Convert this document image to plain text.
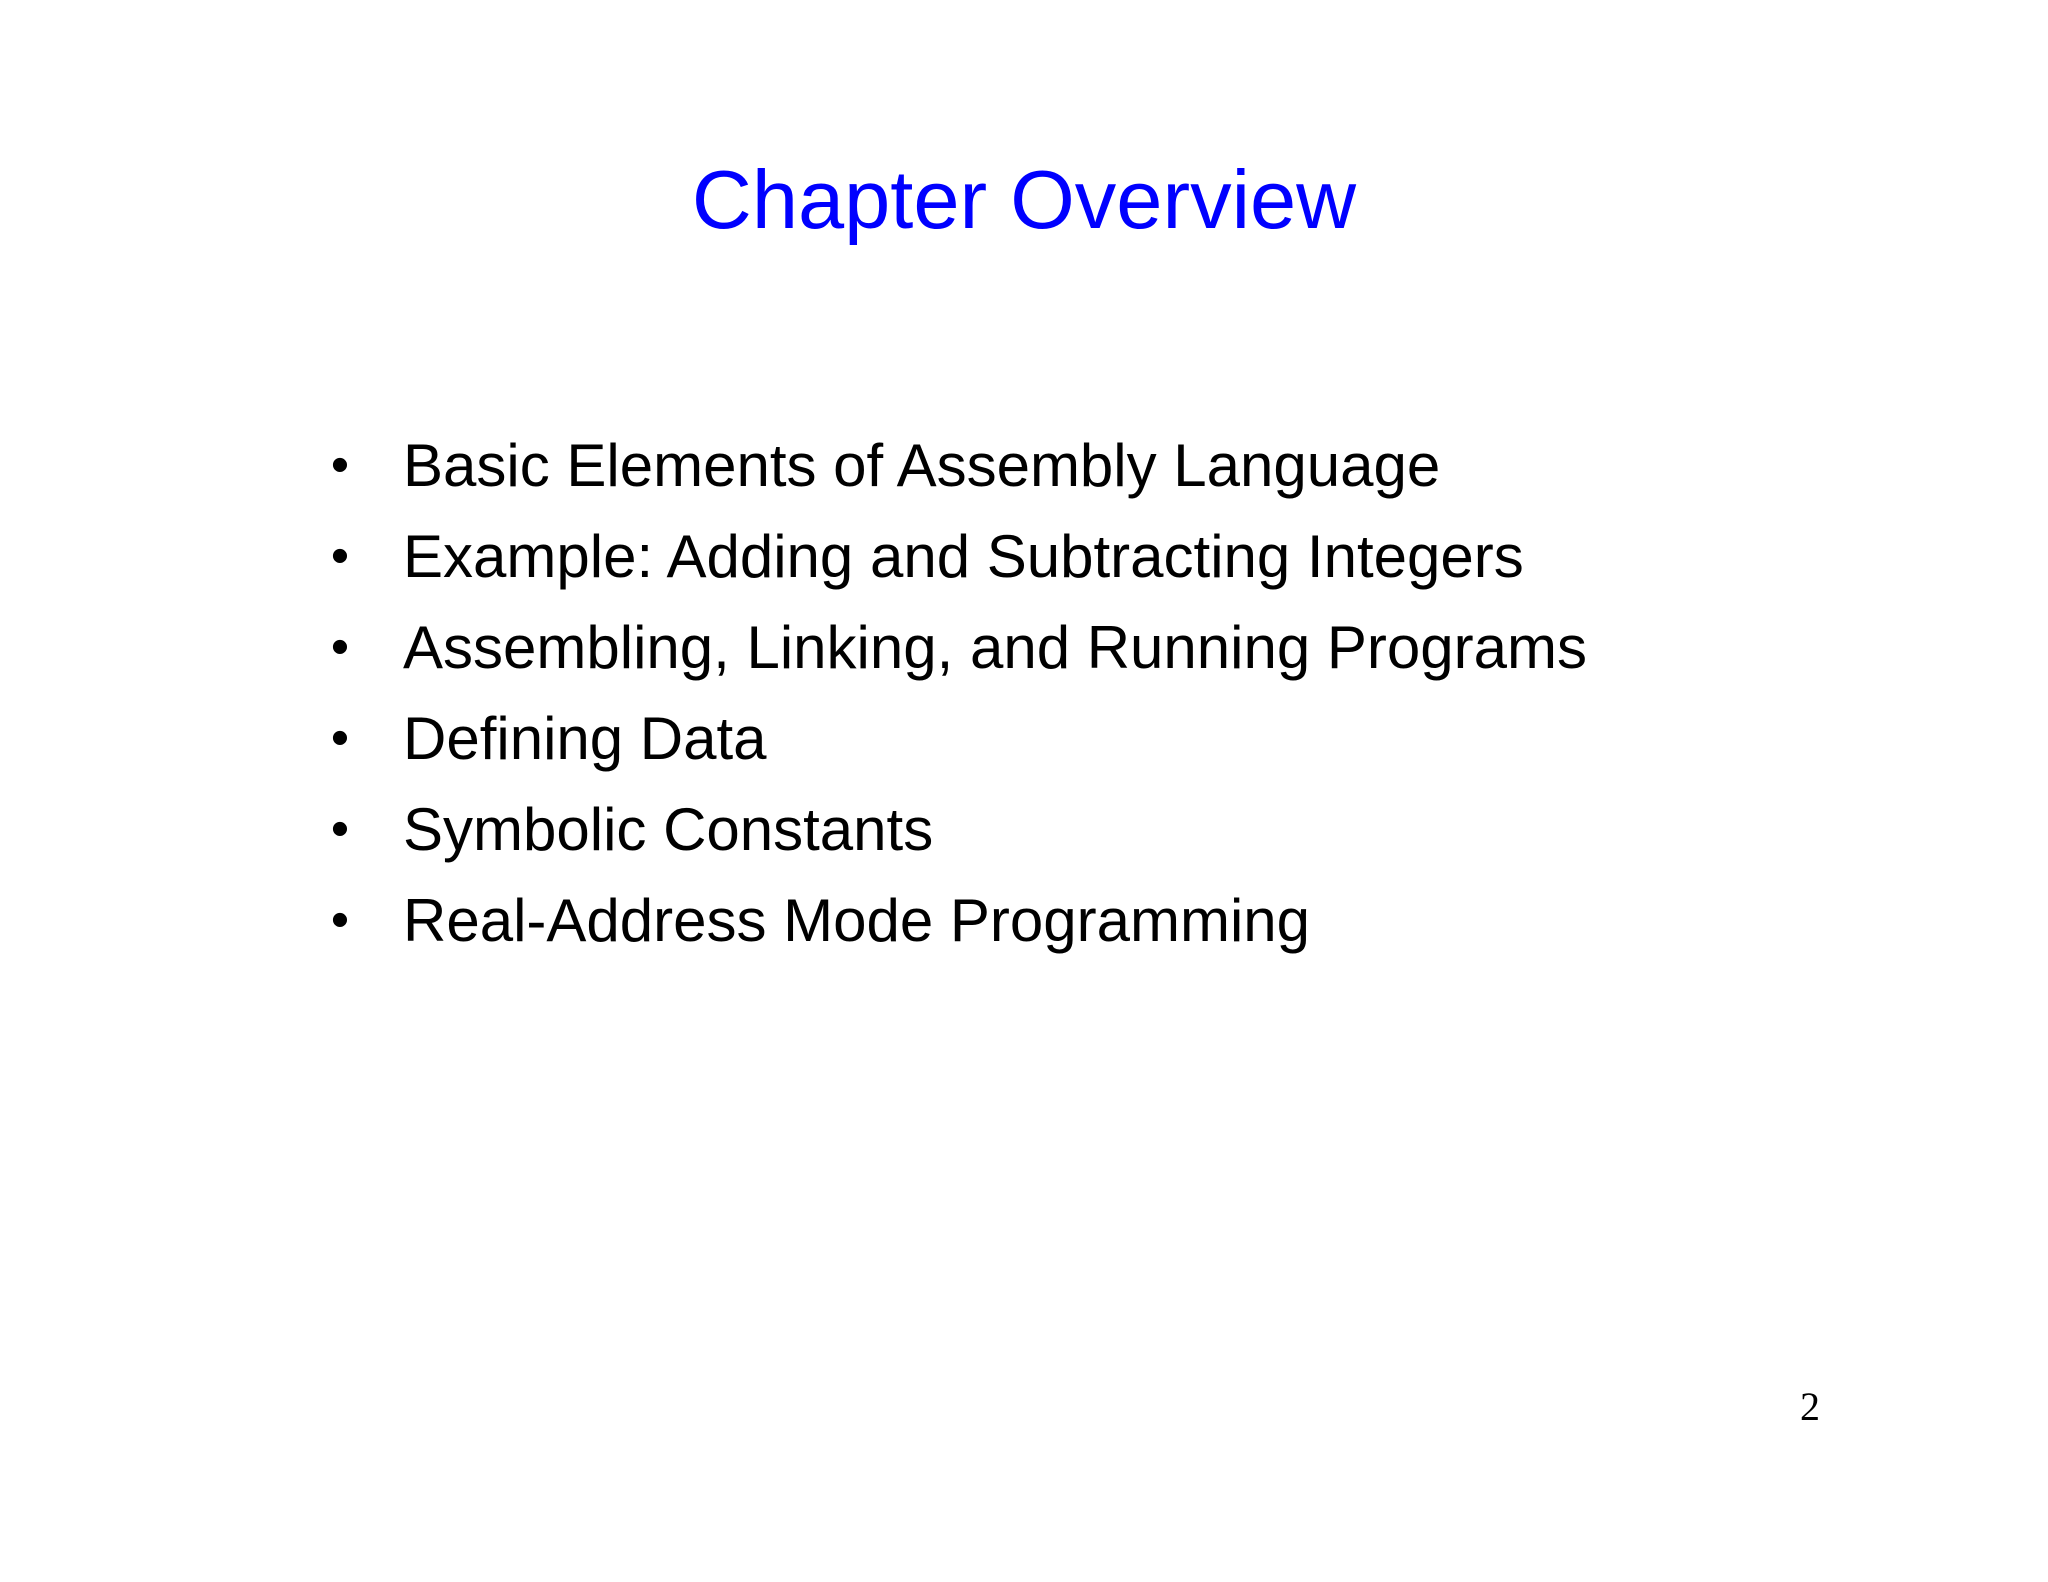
Chapter Overview
• Basic Elements of Assembly Language
• Example: Adding and Subtracting Integers
• Assembling, Linking, and Running Programs
• Defining Data
• Symbolic Constants
• Real-Address Mode Programming
2
